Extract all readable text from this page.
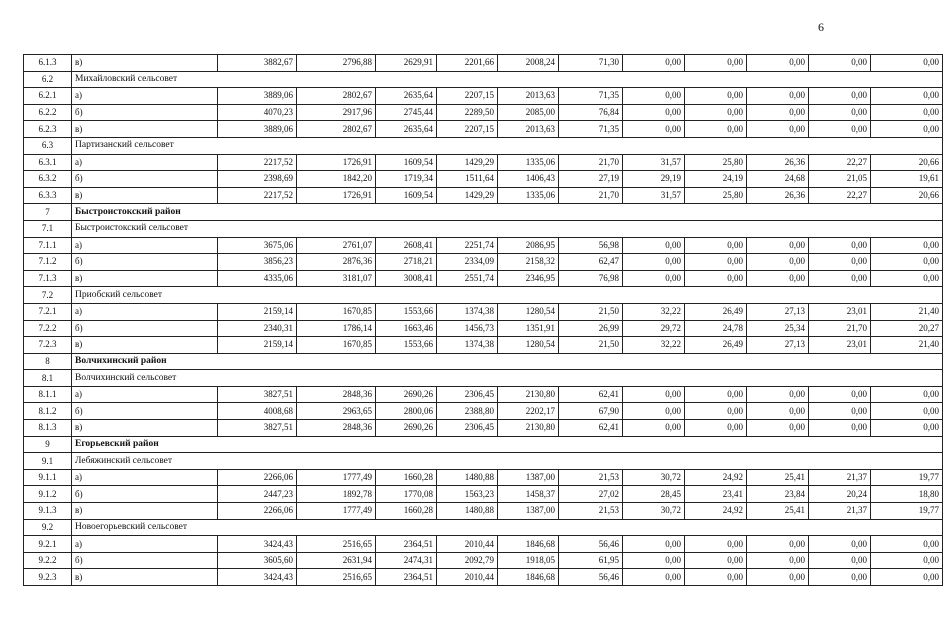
6
6.1.3	в)	3882,67	2796,88	2629,91	2201,66	2008,24	71,30	0,00	0,00	0,00	0,00	0,00
6.2	Михайловский сельсовет											
6.2.1	а)	3889,06	2802,67	2635,64	2207,15	2013,63	71,35	0,00	0,00	0,00	0,00	0,00
6.2.2	б)	4070,23	2917,96	2745,44	2289,50	2085,00	76,84	0,00	0,00	0,00	0,00	0,00
6.2.3	в)	3889,06	2802,67	2635,64	2207,15	2013,63	71,35	0,00	0,00	0,00	0,00	0,00
6.3	Партизанский сельсовет											
6.3.1	а)	2217,52	1726,91	1609,54	1429,29	1335,06	21,70	31,57	25,80	26,36	22,27	20,66
6.3.2	б)	2398,69	1842,20	1719,34	1511,64	1406,43	27,19	29,19	24,19	24,68	21,05	19,61
6.3.3	в)	2217,52	1726,91	1609,54	1429,29	1335,06	21,70	31,57	25,80	26,36	22,27	20,66
7	Быстроистокский район											
7.1	Быстроистокский сельсовет											
7.1.1	а)	3675,06	2761,07	2608,41	2251,74	2086,95	56,98	0,00	0,00	0,00	0,00	0,00
7.1.2	б)	3856,23	2876,36	2718,21	2334,09	2158,32	62,47	0,00	0,00	0,00	0,00	0,00
7.1.3	в)	4335,06	3181,07	3008,41	2551,74	2346,95	76,98	0,00	0,00	0,00	0,00	0,00
7.2	Приобский сельсовет											
7.2.1	а)	2159,14	1670,85	1553,66	1374,38	1280,54	21,50	32,22	26,49	27,13	23,01	21,40
7.2.2	б)	2340,31	1786,14	1663,46	1456,73	1351,91	26,99	29,72	24,78	25,34	21,70	20,27
7.2.3	в)	2159,14	1670,85	1553,66	1374,38	1280,54	21,50	32,22	26,49	27,13	23,01	21,40
8	Волчихинский район											
8.1	Волчихинский сельсовет											
8.1.1	а)	3827,51	2848,36	2690,26	2306,45	2130,80	62,41	0,00	0,00	0,00	0,00	0,00
8.1.2	б)	4008,68	2963,65	2800,06	2388,80	2202,17	67,90	0,00	0,00	0,00	0,00	0,00
8.1.3	в)	3827,51	2848,36	2690,26	2306,45	2130,80	62,41	0,00	0,00	0,00	0,00	0,00
9	Егорьевский район											
9.1	Лебяжинский сельсовет											
9.1.1	а)	2266,06	1777,49	1660,28	1480,88	1387,00	21,53	30,72	24,92	25,41	21,37	19,77
9.1.2	б)	2447,23	1892,78	1770,08	1563,23	1458,37	27,02	28,45	23,41	23,84	20,24	18,80
9.1.3	в)	2266,06	1777,49	1660,28	1480,88	1387,00	21,53	30,72	24,92	25,41	21,37	19,77
9.2	Новоегорьевский сельсовет											
9.2.1	а)	3424,43	2516,65	2364,51	2010,44	1846,68	56,46	0,00	0,00	0,00	0,00	0,00
9.2.2	б)	3605,60	2631,94	2474,31	2092,79	1918,05	61,95	0,00	0,00	0,00	0,00	0,00
9.2.3	в)	3424,43	2516,65	2364,51	2010,44	1846,68	56,46	0,00	0,00	0,00	0,00	0,00
